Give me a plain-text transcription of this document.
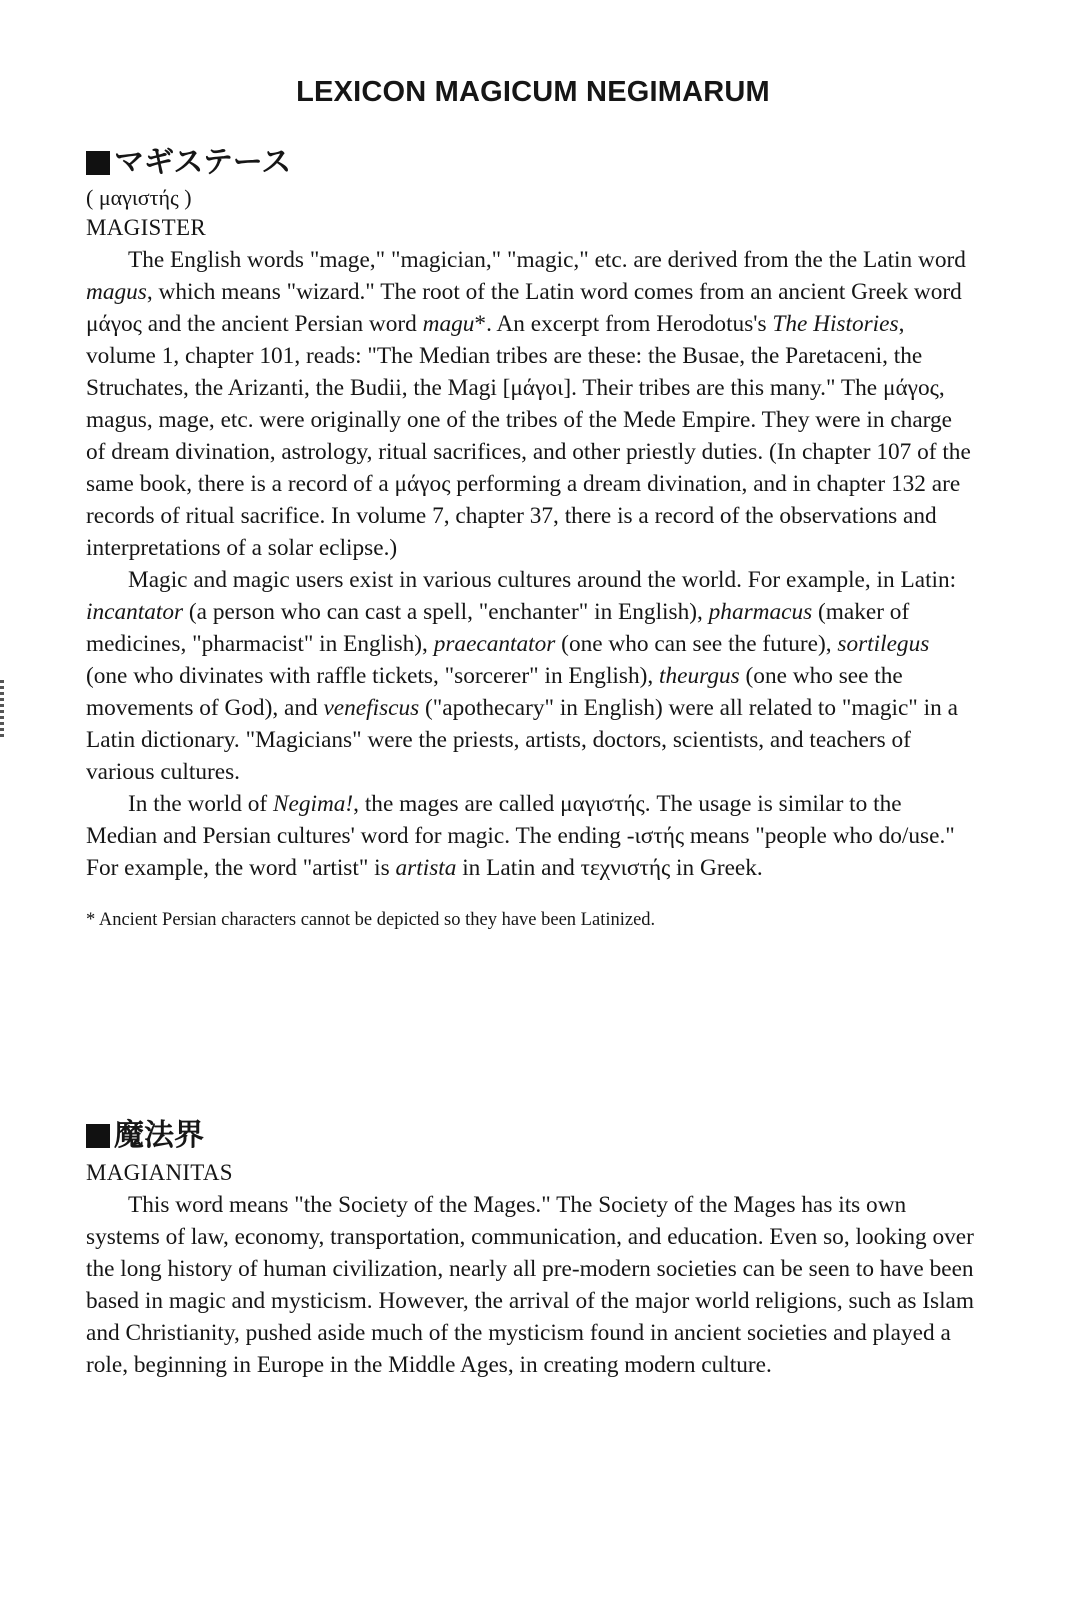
LEXICON MAGICUM NEGIMARUM
マギステース
( μαγιστής )
MAGISTER

The English words "mage," "magician," "magic," etc. are derived from the the Latin word magus, which means "wizard." The root of the Latin word comes from an ancient Greek word μάγος and the ancient Persian word magu*. An excerpt from Herodotus's The Histories, volume 1, chapter 101, reads: "The Median tribes are these: the Busae, the Paretaceni, the Struchates, the Arizanti, the Budii, the Magi [μάγοι]. Their tribes are this many." The μάγος, magus, mage, etc. were originally one of the tribes of the Mede Empire. They were in charge of dream divination, astrology, ritual sacrifices, and other priestly duties. (In chapter 107 of the same book, there is a record of a μάγος performing a dream divination, and in chapter 132 are records of ritual sacrifice. In volume 7, chapter 37, there is a record of the observations and interpretations of a solar eclipse.)

Magic and magic users exist in various cultures around the world. For example, in Latin: incantator (a person who can cast a spell, "enchanter" in English), pharmacus (maker of medicines, "pharmacist" in English), praecantator (one who can see the future), sortilegus (one who divinates with raffle tickets, "sorcerer" in English), theurgus (one who see the movements of God), and venefiscus ("apothecary" in English) were all related to "magic" in a Latin dictionary. "Magicians" were the priests, artists, doctors, scientists, and teachers of various cultures.

In the world of Negima!, the mages are called μαγιστής. The usage is similar to the Median and Persian cultures' word for magic. The ending -ιστής means "people who do/use." For example, the word "artist" is artista in Latin and τεχνιστής in Greek.

* Ancient Persian characters cannot be depicted so they have been Latinized.
魔法界
MAGIANITAS

This word means "the Society of the Mages." The Society of the Mages has its own systems of law, economy, transportation, communication, and education. Even so, looking over the long history of human civilization, nearly all pre-modern societies can be seen to have been based in magic and mysticism. However, the arrival of the major world religions, such as Islam and Christianity, pushed aside much of the mysticism found in ancient societies and played a role, beginning in Europe in the Middle Ages, in creating modern culture.
